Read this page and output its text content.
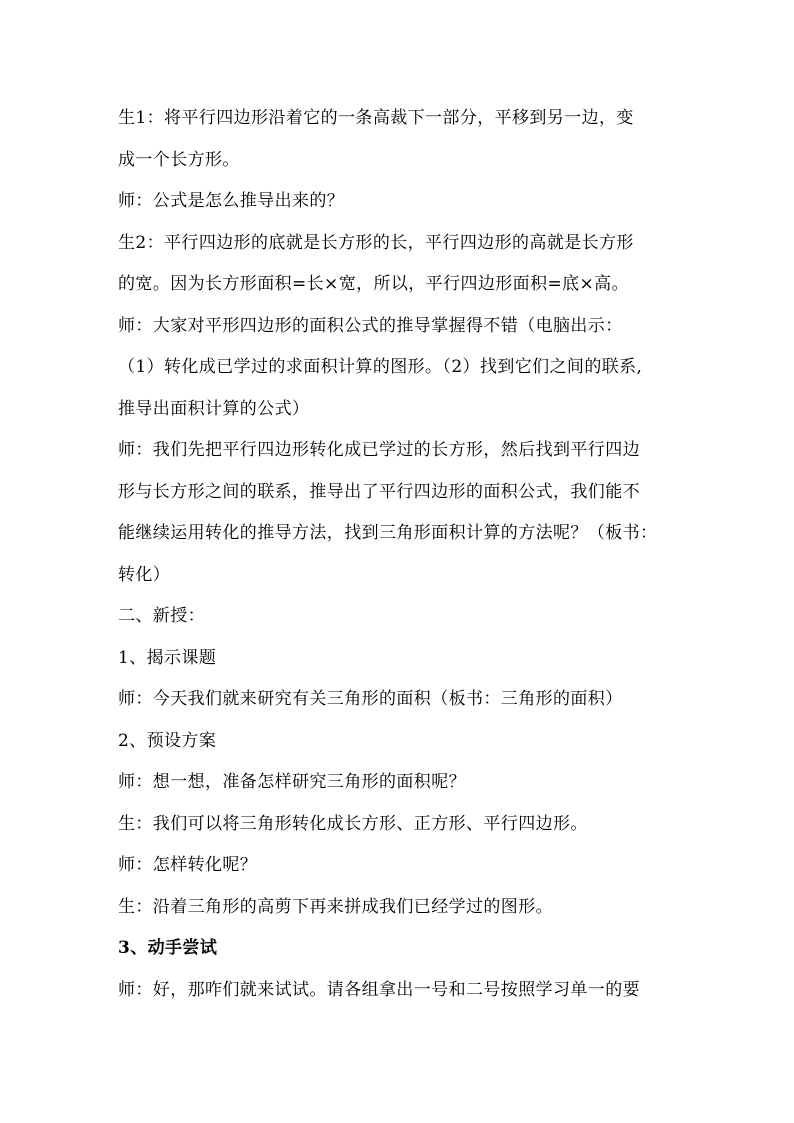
生1：将平行四边形沿着它的一条高裁下一部分，平移到另一边，变
成一个长方形。
师：公式是怎么推导出来的？
生2：平行四边形的底就是长方形的长，平行四边形的高就是长方形
的宽。因为长方形面积=长×宽，所以，平行四边形面积=底×高。
师：大家对平形四边形的面积公式的推导掌握得不错（电脑出示：
（1）转化成已学过的求面积计算的图形。（2）找到它们之间的联系,
推导出面积计算的公式）
师：我们先把平行四边形转化成已学过的长方形，然后找到平行四边
形与长方形之间的联系，推导出了平行四边形的面积公式，我们能不
能继续运用转化的推导方法，找到三角形面积计算的方法呢？（板书：
转化）
二、新授：
1、揭示课题
师：今天我们就来研究有关三角形的面积（板书：三角形的面积）
2、预设方案
师：想一想，准备怎样研究三角形的面积呢？
生：我们可以将三角形转化成长方形、正方形、平行四边形。
师：怎样转化呢？
生：沿着三角形的高剪下再来拼成我们已经学过的图形。
3、动手尝试
师：好，那咋们就来试试。请各组拿出一号和二号按照学习单一的要
